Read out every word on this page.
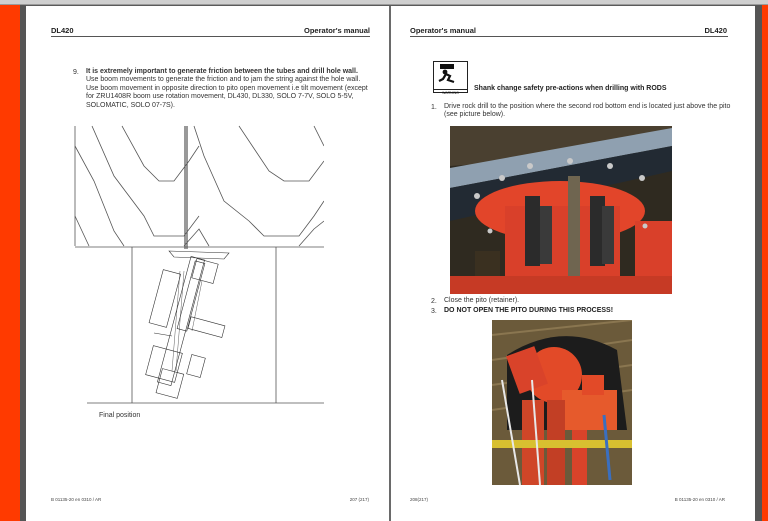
DL420	Operator's manual
9. It is extremely important to generate friction between the tubes and drill hole wall. Use boom movements to generate the friction and to jam the string against the hole wall. Use boom movement in opposite direction to pito open movement i.e tilt movement (except for ZRU1408R boom use rotation movement, DL430, DL330, SOLO 7-7V, SOLO 5-5V, SOLOMATIC, SOLO 07-7S).
Final position
B 01135-20 en 0310 / AR	207 (217)
Operator's manual	DL420
WARNING
Shank change safety pre-actions when drilling with RODS
1. Drive rock drill to the position where the second rod bottom end is located just above the pito (see picture below).
2. Close the pito (retainer).
3. DO NOT OPEN THE PITO DURING THIS PROCESS!
208(217)	B 01135-20 en 0310 / AR
